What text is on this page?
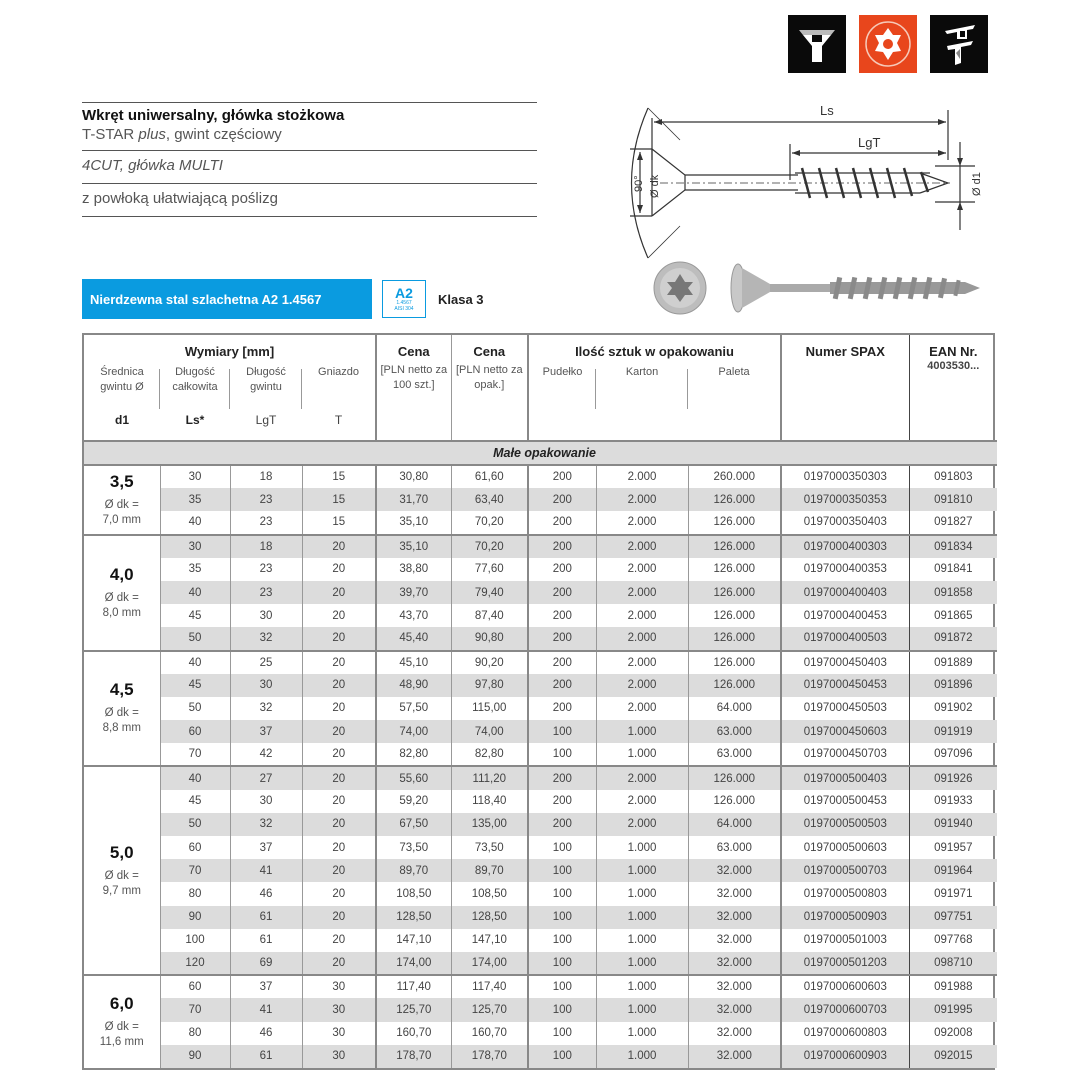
Wkręt uniwersalny, główka stożkowa
T-STAR plus, gwint częściowy
4CUT, główka MULTI
z powłoką ułatwiającą poślizg
Ls
LgT
90° Ø dk	Ø d1
Nierdzewna stal szlachetna A2 1.4567	A2
1.4567
AISI 304
Klasa 3
Wymiary [mm]				Cena
[PLN netto za 100 szt.]	Cena
[PLN netto za opak.]	Ilość sztuk w opakowaniu			Numer SPAX	EAN Nr.
4003530...

Średnica gwintu Ø	Długość całkowita	Długość gwintu	Gniazdo			Pudełko	Karton	Paleta		
d1	Ls*	LgT	T							
Małe opakowanie										

3,5
Ø dk =
7,0 mm	30	18	15	30,80	61,60	200	2.000	260.000	0197000350303	091803
	35	23	15	31,70	63,40	200	2.000	126.000	0197000350353	091810
	40	23	15	35,10	70,20	200	2.000	126.000	0197000350403	091827

4,0
Ø dk =
8,0 mm	30	18	20	35,10	70,20	200	2.000	126.000	0197000400303	091834
	35	23	20	38,80	77,60	200	2.000	126.000	0197000400353	091841
	40	23	20	39,70	79,40	200	2.000	126.000	0197000400403	091858
	45	30	20	43,70	87,40	200	2.000	126.000	0197000400453	091865
	50	32	20	45,40	90,80	200	2.000	126.000	0197000400503	091872

4,5
Ø dk =
8,8 mm	40	25	20	45,10	90,20	200	2.000	126.000	0197000450403	091889
	45	30	20	48,90	97,80	200	2.000	126.000	0197000450453	091896
	50	32	20	57,50	115,00	200	2.000	64.000	0197000450503	091902
	60	37	20	74,00	74,00	100	1.000	63.000	0197000450603	091919
	70	42	20	82,80	82,80	100	1.000	63.000	0197000450703	097096

5,0
Ø dk =
9,7 mm	40	27	20	55,60	111,20	200	2.000	126.000	0197000500403	091926
	45	30	20	59,20	118,40	200	2.000	126.000	0197000500453	091933
	50	32	20	67,50	135,00	200	2.000	64.000	0197000500503	091940
	60	37	20	73,50	73,50	100	1.000	63.000	0197000500603	091957
	70	41	20	89,70	89,70	100	1.000	32.000	0197000500703	091964
	80	46	20	108,50	108,50	100	1.000	32.000	0197000500803	091971
	90	61	20	128,50	128,50	100	1.000	32.000	0197000500903	097751
	100	61	20	147,10	147,10	100	1.000	32.000	0197000501003	097768
	120	69	20	174,00	174,00	100	1.000	32.000	0197000501203	098710

6,0
Ø dk =
11,6 mm	60	37	30	117,40	117,40	100	1.000	32.000	0197000600603	091988
	70	41	30	125,70	125,70	100	1.000	32.000	0197000600703	091995
	80	46	30	160,70	160,70	100	1.000	32.000	0197000600803	092008
	90	61	30	178,70	178,70	100	1.000	32.000	0197000600903	092015
